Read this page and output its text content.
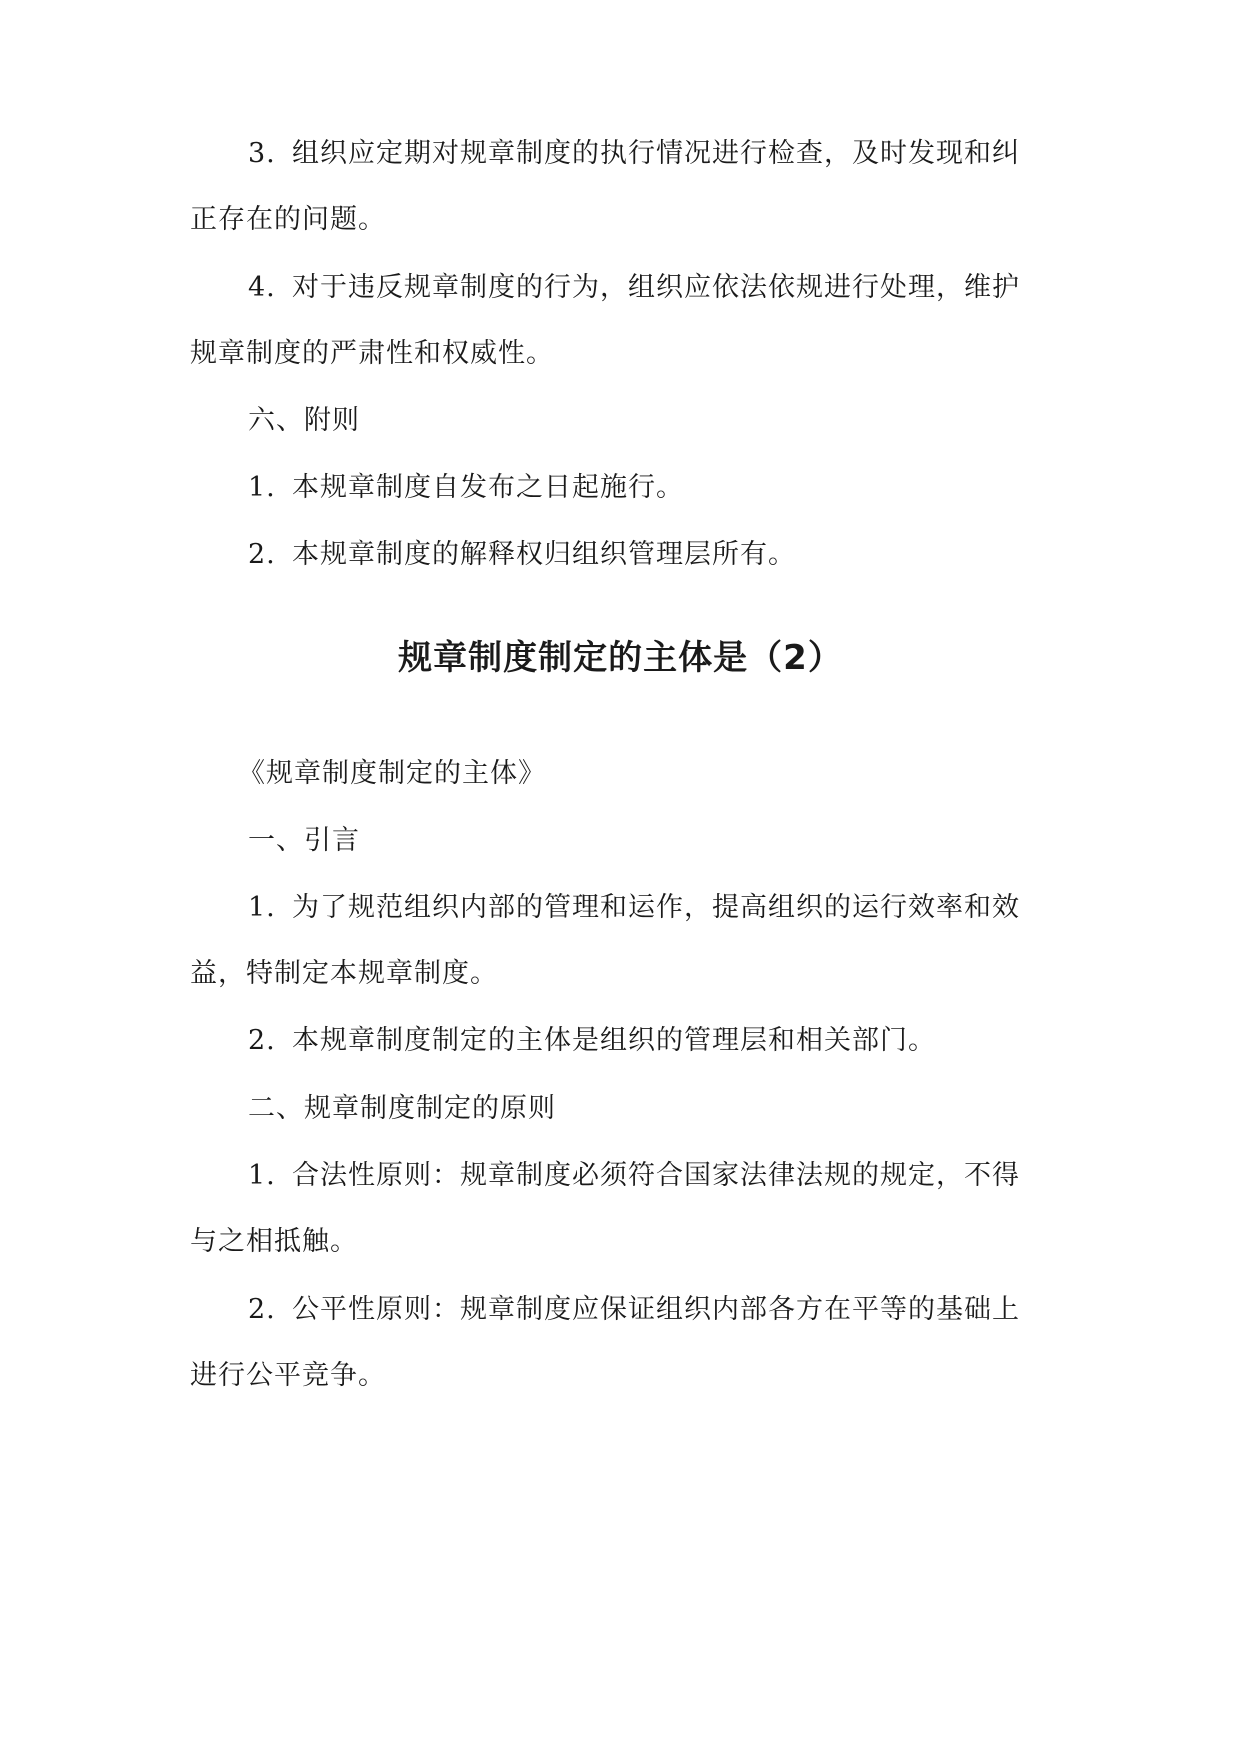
3. 组织应定期对规章制度的执行情况进行检查，及时发现和纠
正存在的问题。
4. 对于违反规章制度的行为，组织应依法依规进行处理，维护
规章制度的严肃性和权威性。
六、附则
1. 本规章制度自发布之日起施行。
2. 本规章制度的解释权归组织管理层所有。
规章制度制定的主体是（2）
《规章制度制定的主体》
一、引言
1. 为了规范组织内部的管理和运作，提高组织的运行效率和效
益，特制定本规章制度。
2. 本规章制度制定的主体是组织的管理层和相关部门。
二、规章制度制定的原则
1. 合法性原则：规章制度必须符合国家法律法规的规定，不得
与之相抵触。
2. 公平性原则：规章制度应保证组织内部各方在平等的基础上
进行公平竞争。
